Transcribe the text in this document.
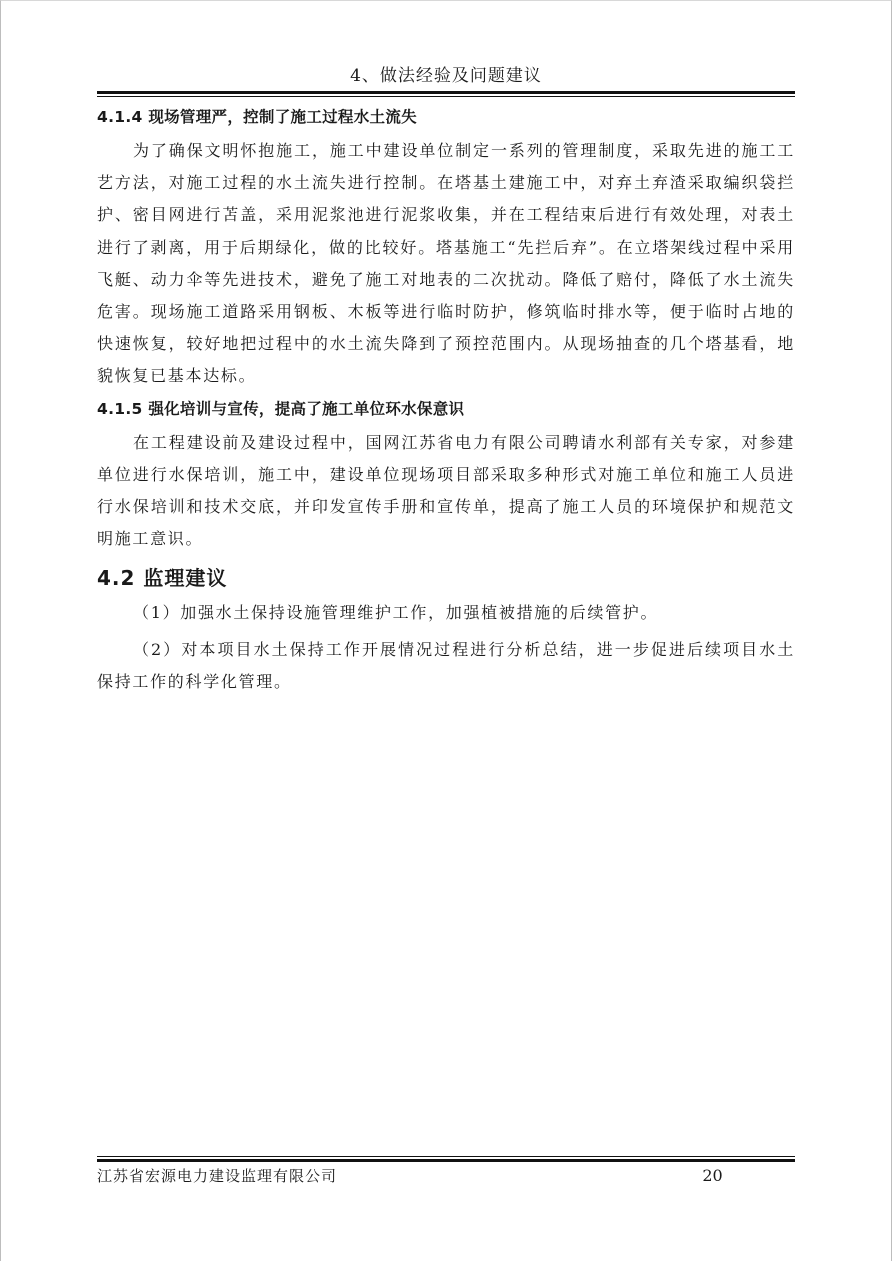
4、做法经验及问题建议
4.1.4 现场管理严，控制了施工过程水土流失

为了确保文明怀抱施工，施工中建设单位制定一系列的管理制度，采取先进的施工工艺方法，对施工过程的水土流失进行控制。在塔基土建施工中，对弃土弃渣采取编织袋拦护、密目网进行苫盖，采用泥浆池进行泥浆收集，并在工程结束后进行有效处理，对表土进行了剥离，用于后期绿化，做的比较好。塔基施工“先拦后弃”。在立塔架线过程中采用飞艇、动力伞等先进技术，避免了施工对地表的二次扰动。降低了赔付，降低了水土流失危害。现场施工道路采用钢板、木板等进行临时防护，修筑临时排水等，便于临时占地的快速恢复，较好地把过程中的水土流失降到了预控范围内。从现场抽查的几个塔基看，地貌恢复已基本达标。

4.1.5 强化培训与宣传，提高了施工单位环水保意识

在工程建设前及建设过程中，国网江苏省电力有限公司聘请水利部有关专家，对参建单位进行水保培训，施工中，建设单位现场项目部采取多种形式对施工单位和施工人员进行水保培训和技术交底，并印发宣传手册和宣传单，提高了施工人员的环境保护和规范文明施工意识。

4.2 监理建议

（1）加强水土保持设施管理维护工作，加强植被措施的后续管护。

（2）对本项目水土保持工作开展情况过程进行分析总结，进一步促进后续项目水土保持工作的科学化管理。

江苏省宏源电力建设监理有限公司	20
